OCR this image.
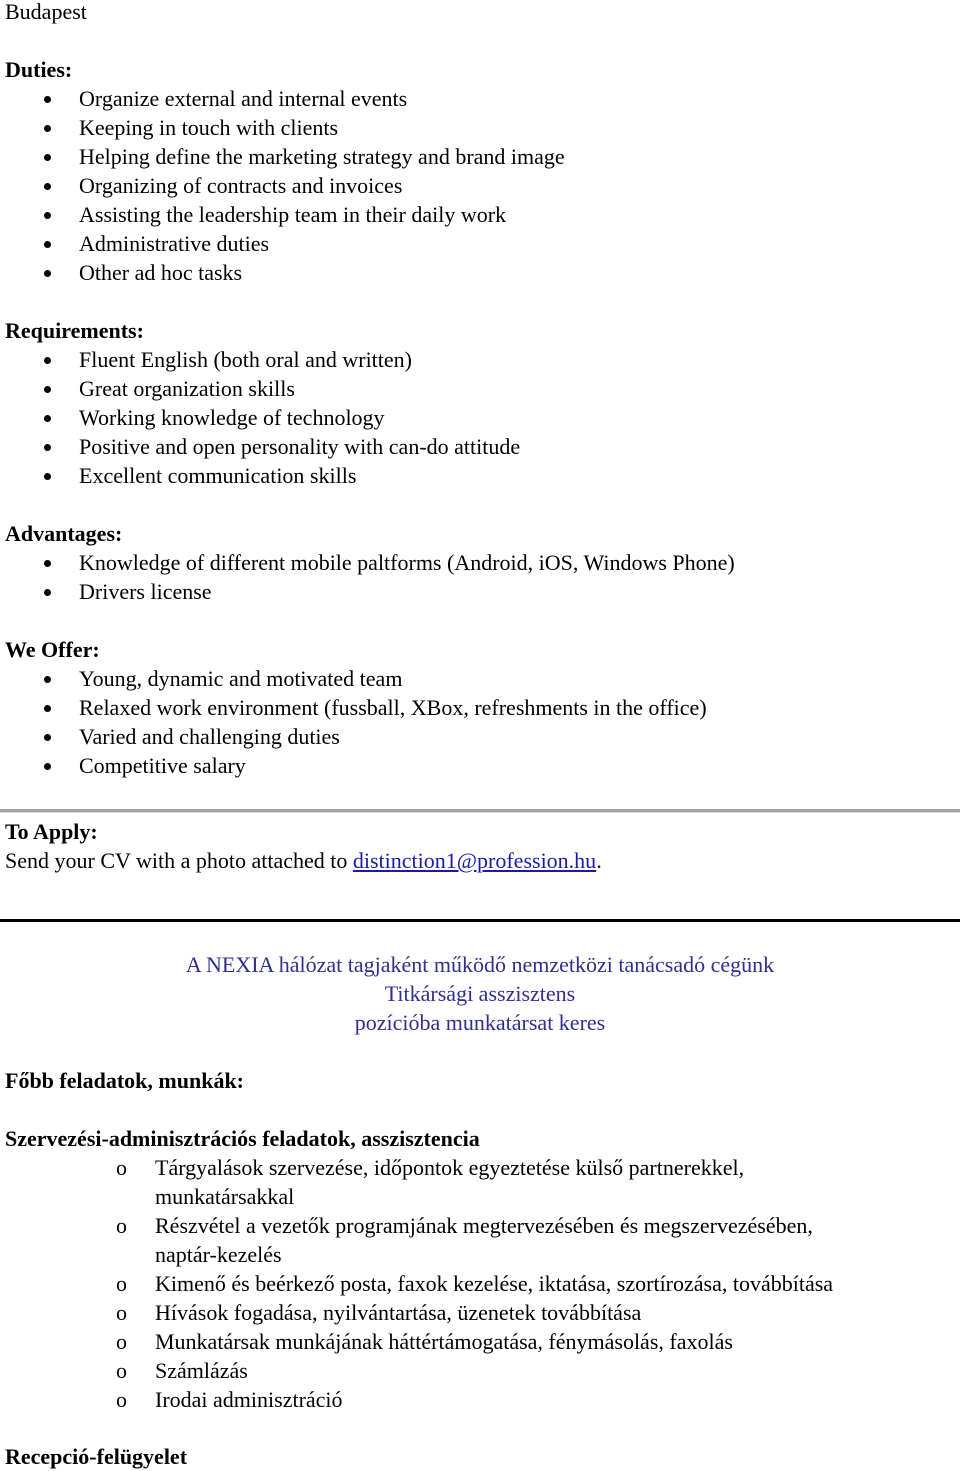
Budapest
Duties:
Organize external and internal events
Keeping in touch with clients
Helping define the marketing strategy and brand image
Organizing of contracts and invoices
Assisting the leadership team in their daily work
Administrative duties
Other ad hoc tasks
Requirements:
Fluent English (both oral and written)
Great organization skills
Working knowledge of technology
Positive and open personality with can-do attitude
Excellent communication skills
Advantages:
Knowledge of different mobile paltforms (Android, iOS, Windows Phone)
Drivers license
We Offer:
Young, dynamic and motivated team
Relaxed work environment (fussball, XBox, refreshments in the office)
Varied and challenging duties
Competitive salary
To Apply:
Send your CV with a photo attached to distinction1@profession.hu.
A NEXIA hálózat tagjaként működő nemzetközi tanácsadó cégünk
Titkársági asszisztens
pozícióba munkatársat keres
Főbb feladatok, munkák:
Szervezési-adminisztrációs feladatok, asszisztencia
o Tárgyalások szervezése, időpontok egyeztetése külső partnerekkel,
munkatársakkal
o Részvétel a vezetők programjának megtervezésében és megszervezésében,
naptár-kezelés
o Kimenő és beérkező posta, faxok kezelése, iktatása, szortírozása, továbbítása
o Hívások fogadása, nyilvántartása, üzenetek továbbítása
o Munkatársak munkájának háttértámogatása, fénymásolás, faxolás
o Számlázás
o Irodai adminisztráció
Recepció-felügyelet
